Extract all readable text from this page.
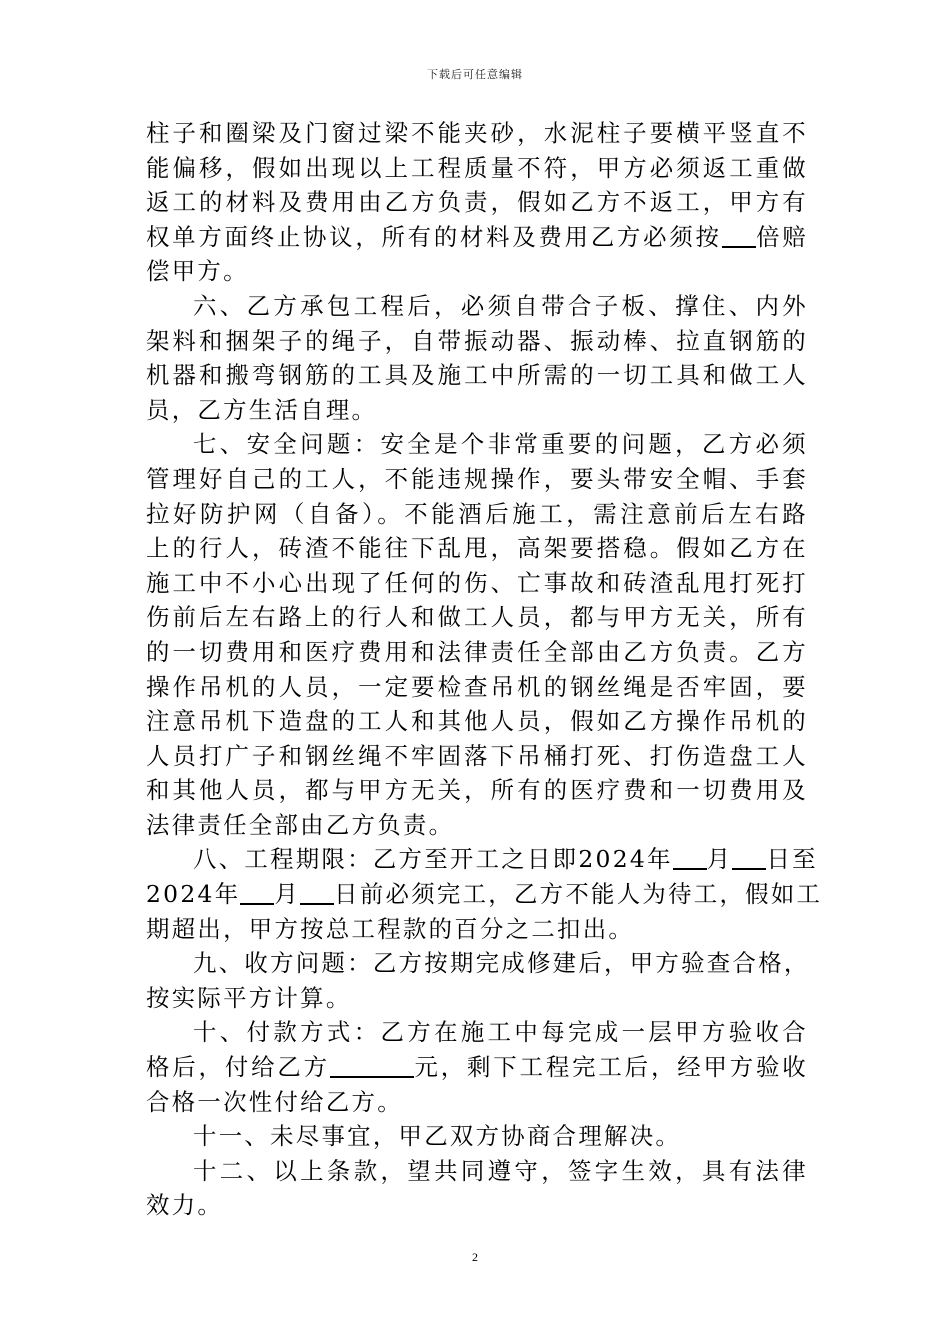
下载后可任意编辑
柱子和圈梁及门窗过梁不能夹砂，水泥柱子要横平竖直不
能偏移，假如出现以上工程质量不符，甲方必须返工重做
返工的材料及费用由乙方负责，假如乙方不返工，甲方有
权单方面终止协议，所有的材料及费用乙方必须按 倍赔
偿甲方。
六、乙方承包工程后，必须自带合子板、撑住、内外
架料和捆架子的绳子，自带振动器、振动棒、拉直钢筋的
机器和搬弯钢筋的工具及施工中所需的一切工具和做工人
员，乙方生活自理。
七、安全问题：安全是个非常重要的问题，乙方必须
管理好自己的工人，不能违规操作，要头带安全帽、手套
拉好防护网（自备）。不能酒后施工，需注意前后左右路
上的行人，砖渣不能往下乱甩，高架要搭稳。假如乙方在
施工中不小心出现了任何的伤、亡事故和砖渣乱甩打死打
伤前后左右路上的行人和做工人员，都与甲方无关，所有
的一切费用和医疗费用和法律责任全部由乙方负责。乙方
操作吊机的人员，一定要检查吊机的钢丝绳是否牢固，要
注意吊机下造盘的工人和其他人员，假如乙方操作吊机的
人员打广子和钢丝绳不牢固落下吊桶打死、打伤造盘工人
和其他人员，都与甲方无关，所有的医疗费和一切费用及
法律责任全部由乙方负责。
八、工程期限：乙方至开工之日即2024年 月 日至
2024年 月 日前必须完工，乙方不能人为待工，假如工
期超出，甲方按总工程款的百分之二扣出。
九、收方问题：乙方按期完成修建后，甲方验查合格，
按实际平方计算。
十、付款方式：乙方在施工中每完成一层甲方验收合
格后，付给乙方	元，剩下工程完工后，经甲方验收
合格一次性付给乙方。
十一、未尽事宜，甲乙双方协商合理解决。
十二、以上条款，望共同遵守，签字生效，具有法律
效力。
2
